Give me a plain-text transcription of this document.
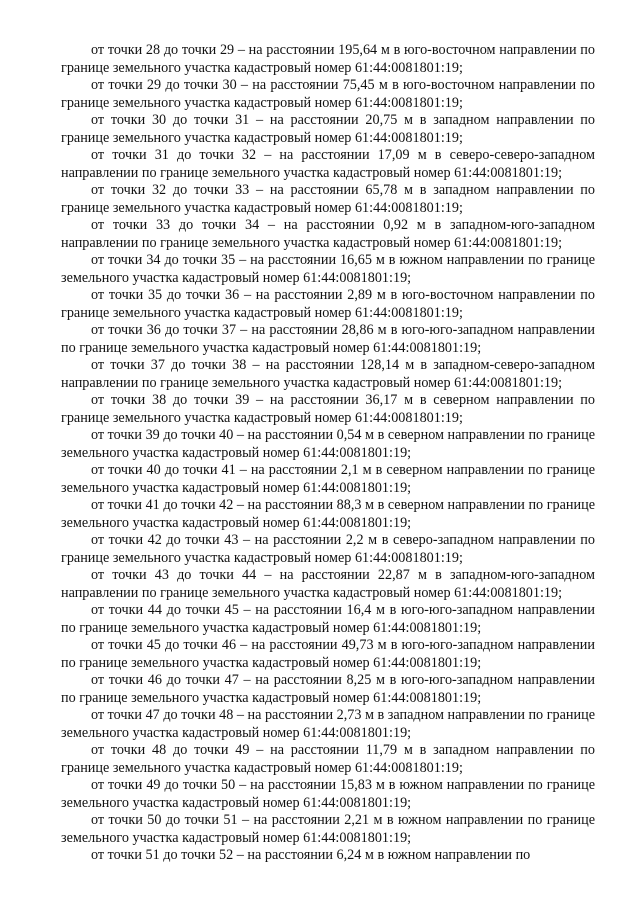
от точки 28 до точки 29 – на расстоянии 195,64 м в юго-восточном направлении по границе земельного участка кадастровый номер 61:44:0081801:19;

от точки 29 до точки 30 – на расстоянии 75,45 м в юго-восточном направлении по границе земельного участка кадастровый номер 61:44:0081801:19;

от точки 30 до точки 31 – на расстоянии 20,75 м в западном направлении по границе земельного участка кадастровый номер 61:44:0081801:19;

от точки 31 до точки 32 – на расстоянии 17,09 м в северо-северо-западном направлении по границе земельного участка кадастровый номер 61:44:0081801:19;

от точки 32 до точки 33 – на расстоянии 65,78 м в западном направлении по границе земельного участка кадастровый номер 61:44:0081801:19;

от точки 33 до точки 34 – на расстоянии 0,92 м в западном-юго-западном направлении по границе земельного участка кадастровый номер 61:44:0081801:19;

от точки 34 до точки 35 – на расстоянии 16,65 м в южном направлении по границе земельного участка кадастровый номер 61:44:0081801:19;

от точки 35 до точки 36 – на расстоянии 2,89 м в юго-восточном направлении по границе земельного участка кадастровый номер 61:44:0081801:19;

от точки 36 до точки 37 – на расстоянии 28,86 м в юго-юго-западном направлении по границе земельного участка кадастровый номер 61:44:0081801:19;

от точки 37 до точки 38 – на расстоянии 128,14 м в западном-северо-западном направлении по границе земельного участка кадастровый номер 61:44:0081801:19;

от точки 38 до точки 39 – на расстоянии 36,17 м в северном направлении по границе земельного участка кадастровый номер 61:44:0081801:19;

от точки 39 до точки 40 – на расстоянии 0,54 м в северном направлении по границе земельного участка кадастровый номер 61:44:0081801:19;

от точки 40 до точки 41 – на расстоянии 2,1 м в северном направлении по границе земельного участка кадастровый номер 61:44:0081801:19;

от точки 41 до точки 42 – на расстоянии 88,3 м в северном направлении по границе земельного участка кадастровый номер 61:44:0081801:19;

от точки 42 до точки 43 – на расстоянии 2,2 м в северо-западном направлении по границе земельного участка кадастровый номер 61:44:0081801:19;

от точки 43 до точки 44 – на расстоянии 22,87 м в западном-юго-западном направлении по границе земельного участка кадастровый номер 61:44:0081801:19;

от точки 44 до точки 45 – на расстоянии 16,4 м в юго-юго-западном направлении по границе земельного участка кадастровый номер 61:44:0081801:19;

от точки 45 до точки 46 – на расстоянии 49,73 м в юго-юго-западном направлении по границе земельного участка кадастровый номер 61:44:0081801:19;

от точки 46 до точки 47 – на расстоянии 8,25 м в юго-юго-западном направлении по границе земельного участка кадастровый номер 61:44:0081801:19;

от точки 47 до точки 48 – на расстоянии 2,73 м в западном направлении по границе земельного участка кадастровый номер 61:44:0081801:19;

от точки 48 до точки 49 – на расстоянии 11,79 м в западном направлении по границе земельного участка кадастровый номер 61:44:0081801:19;

от точки 49 до точки 50 – на расстоянии 15,83 м в южном направлении по границе земельного участка кадастровый номер 61:44:0081801:19;

от точки 50 до точки 51 – на расстоянии 2,21 м в южном направлении по границе земельного участка кадастровый номер 61:44:0081801:19;

от точки 51 до точки 52 – на расстоянии 6,24 м в южном направлении по
